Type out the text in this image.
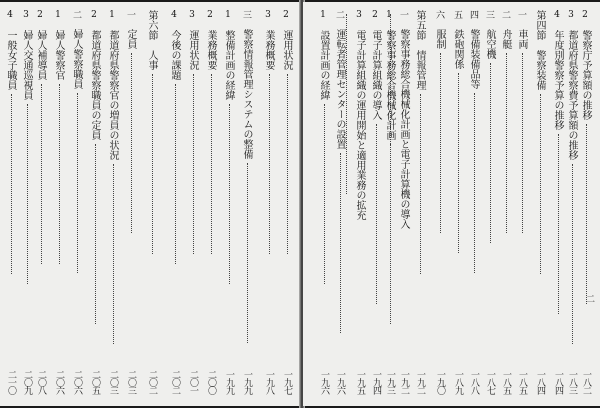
2運用状況
一九七
3業務概要
一九八
三警察情報管理システムの整備
一九九
1整備計画の経緯
一九九
2業務概要
二〇〇
3運用状況
二〇一
4今後の課題
二〇二
第六節　人事
二〇二
一定員
二〇三
1都道府県警察官の増員の状況
二〇三
2都道府県警察職員の定員
二〇五
二婦人警察職員
二〇六
1婦人警察官
二〇六
2婦人補導員
二〇八
3婦人交通巡視員
二〇九
4一般女子職員
二一〇
2警察庁予算額の推移
一八二
3都道府県警察費予算額の推移
一八三
4年度別警察予算の推移
一八四
第四節　警察装備
一八四
一車両
一八五
二舟艇
一八五
三航空機
一八七
四警備装備品等
一八八
五鉄砲関係
一八九
六服制
一九〇
第五節　情報管理
一九二
一警察事務総合機械化計画と電子計算機の導入
一九二
1警察事務総合機械化計画
一九三
2電子計算組織の導入
一九四
3電子計算組織の運用開始と適用業務の拡充
一九五
二運転者管理センターの設置
一九六
1設置計画の経緯
一九六
二
